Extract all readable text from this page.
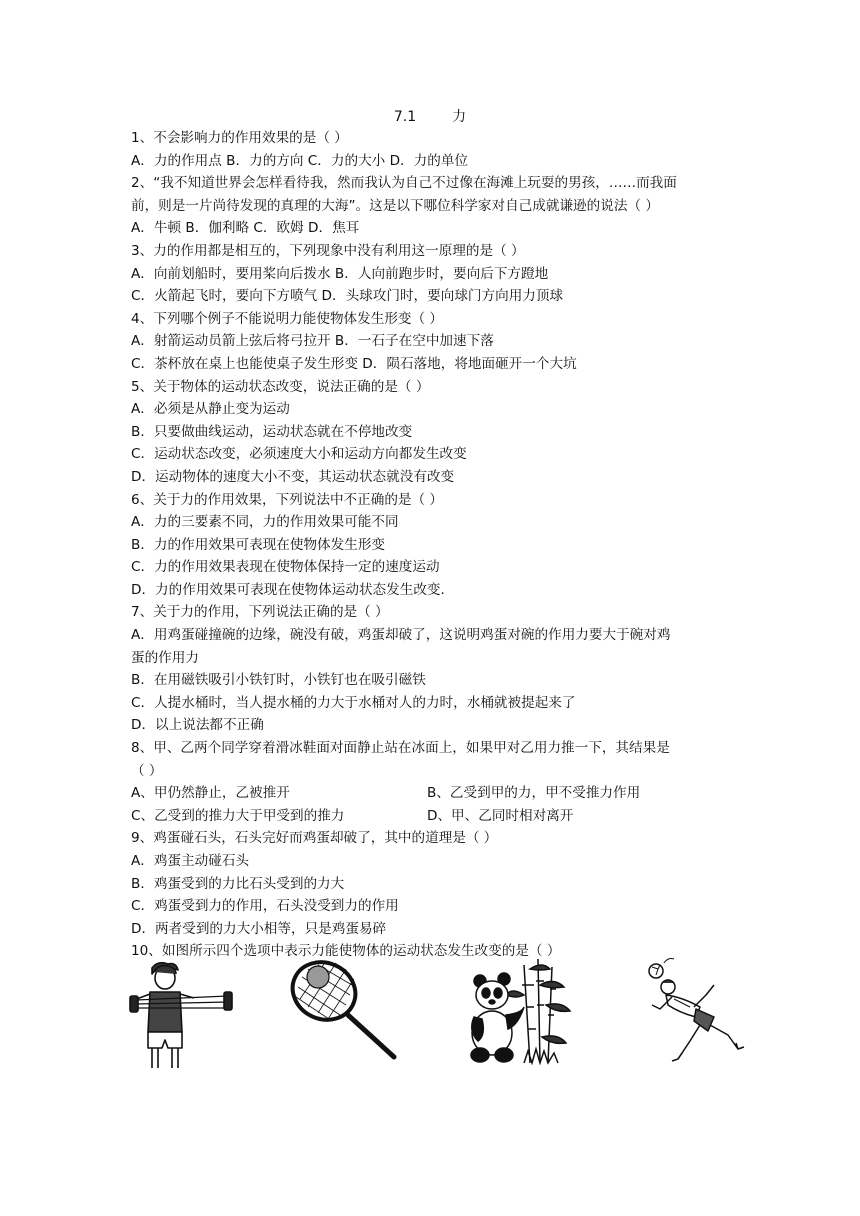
7.1	力
1、不会影响力的作用效果的是（ ）
A．力的作用点 B．力的方向 C．力的大小 D．力的单位
2、“我不知道世界会怎样看待我，然而我认为自己不过像在海滩上玩耍的男孩，……而我面
前，则是一片尚待发现的真理的大海”。这是以下哪位科学家对自己成就谦逊的说法（ ）
A．牛顿 B．伽利略 C．欧姆 D．焦耳
3、力的作用都是相互的，下列现象中没有利用这一原理的是（ ）
A．向前划船时，要用桨向后拨水 B．人向前跑步时，要向后下方蹬地
C．火箭起飞时，要向下方喷气 D．头球攻门时，要向球门方向用力顶球
4、下列哪个例子不能说明力能使物体发生形变（ ）
A．射箭运动员箭上弦后将弓拉开 B．一石子在空中加速下落
C．茶杯放在桌上也能使桌子发生形变 D．陨石落地，将地面砸开一个大坑
5、关于物体的运动状态改变，说法正确的是（ ）
A．必须是从静止变为运动
B．只要做曲线运动，运动状态就在不停地改变
C．运动状态改变，必须速度大小和运动方向都发生改变
D．运动物体的速度大小不变，其运动状态就没有改变
6、关于力的作用效果，下列说法中不正确的是（ ）
A．力的三要素不同，力的作用效果可能不同
B．力的作用效果可表现在使物体发生形变
C．力的作用效果表现在使物体保持一定的速度运动
D．力的作用效果可表现在使物体运动状态发生改变．
7、关于力的作用，下列说法正确的是（ ）
A．用鸡蛋碰撞碗的边缘，碗没有破，鸡蛋却破了，这说明鸡蛋对碗的作用力要大于碗对鸡
蛋的作用力
B．在用磁铁吸引小铁钉时，小铁钉也在吸引磁铁
C．人提水桶时，当人提水桶的力大于水桶对人的力时，水桶就被提起来了
D．以上说法都不正确
8、甲、乙两个同学穿着滑冰鞋面对面静止站在冰面上，如果甲对乙用力推一下，其结果是
（ ）
A、甲仍然静止，乙被推开	B、乙受到甲的力，甲不受推力作用
C、乙受到的推力大于甲受到的推力	D、甲、乙同时相对离开
9、鸡蛋碰石头，石头完好而鸡蛋却破了，其中的道理是（ ）
A．鸡蛋主动碰石头
B．鸡蛋受到的力比石头受到的力大
C．鸡蛋受到力的作用，石头没受到力的作用
D．两者受到的力大小相等，只是鸡蛋易碎
10、如图所示四个选项中表示力能使物体的运动状态发生改变的是（ ）
